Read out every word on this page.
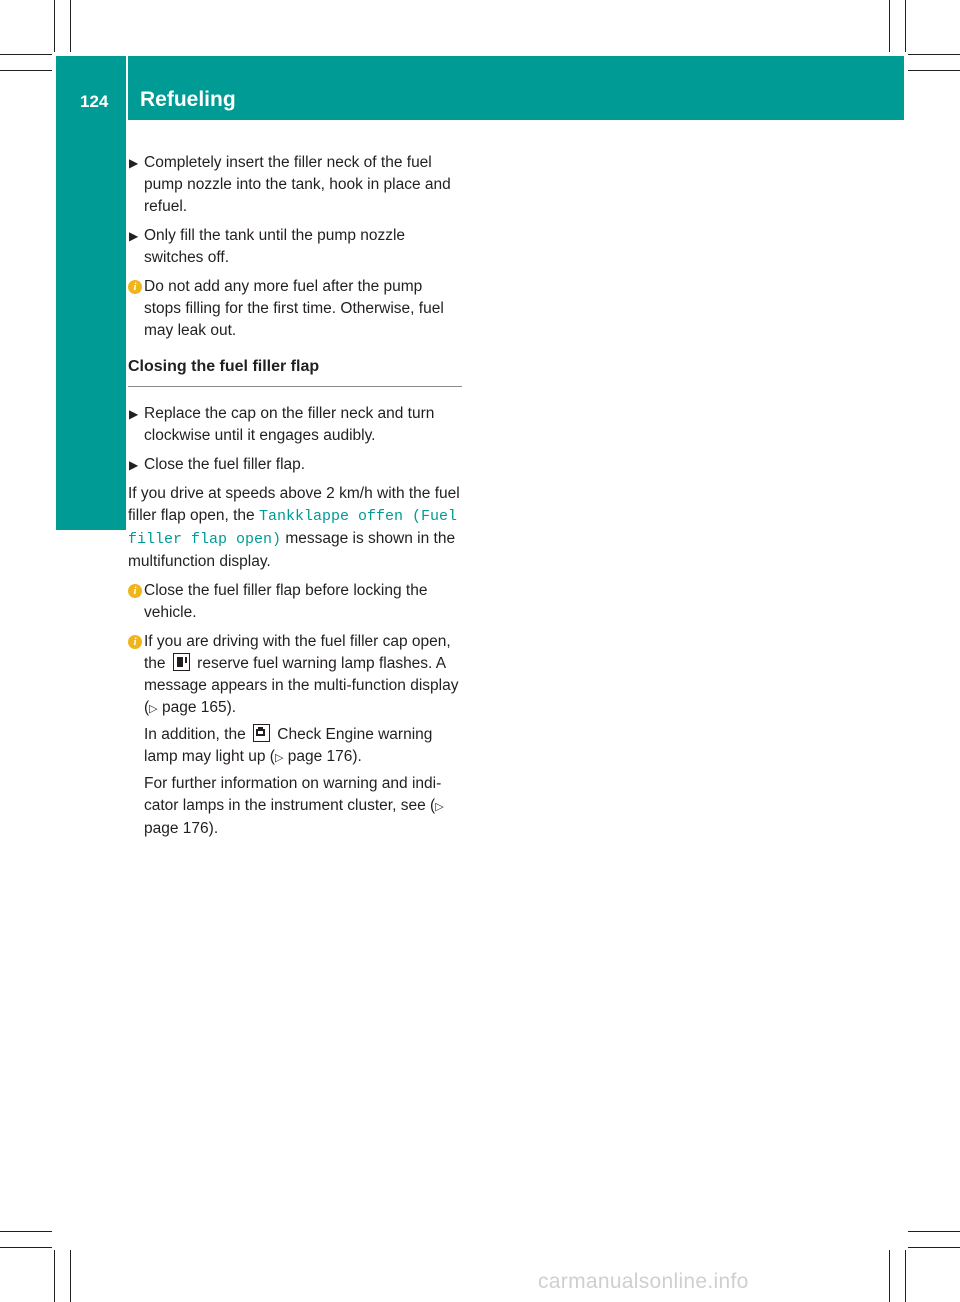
124	Refueling
Driving and parking
▶ Completely insert the filler neck of the fuel pump nozzle into the tank, hook in place and refuel.
▶ Only fill the tank until the pump nozzle switches off.
i Do not add any more fuel after the pump stops filling for the first time. Otherwise, fuel may leak out.
Closing the fuel filler flap
▶ Replace the cap on the filler neck and turn clockwise until it engages audibly.
▶ Close the fuel filler flap.

If you drive at speeds above 2 km/h with the fuel filler flap open, the Tankklappe offen (Fuel filler flap open) message is shown in the multifunction display.

i Close the fuel filler flap before locking the vehicle.
i If you are driving with the fuel filler cap open, the  reserve fuel warning lamp flashes. A message appears in the multi-function display (▷ page 165).
In addition, the  Check Engine warning lamp may light up (▷ page 176).
For further information on warning and indi-cator lamps in the instrument cluster, see (▷ page 176).
carmanualsonline.info
